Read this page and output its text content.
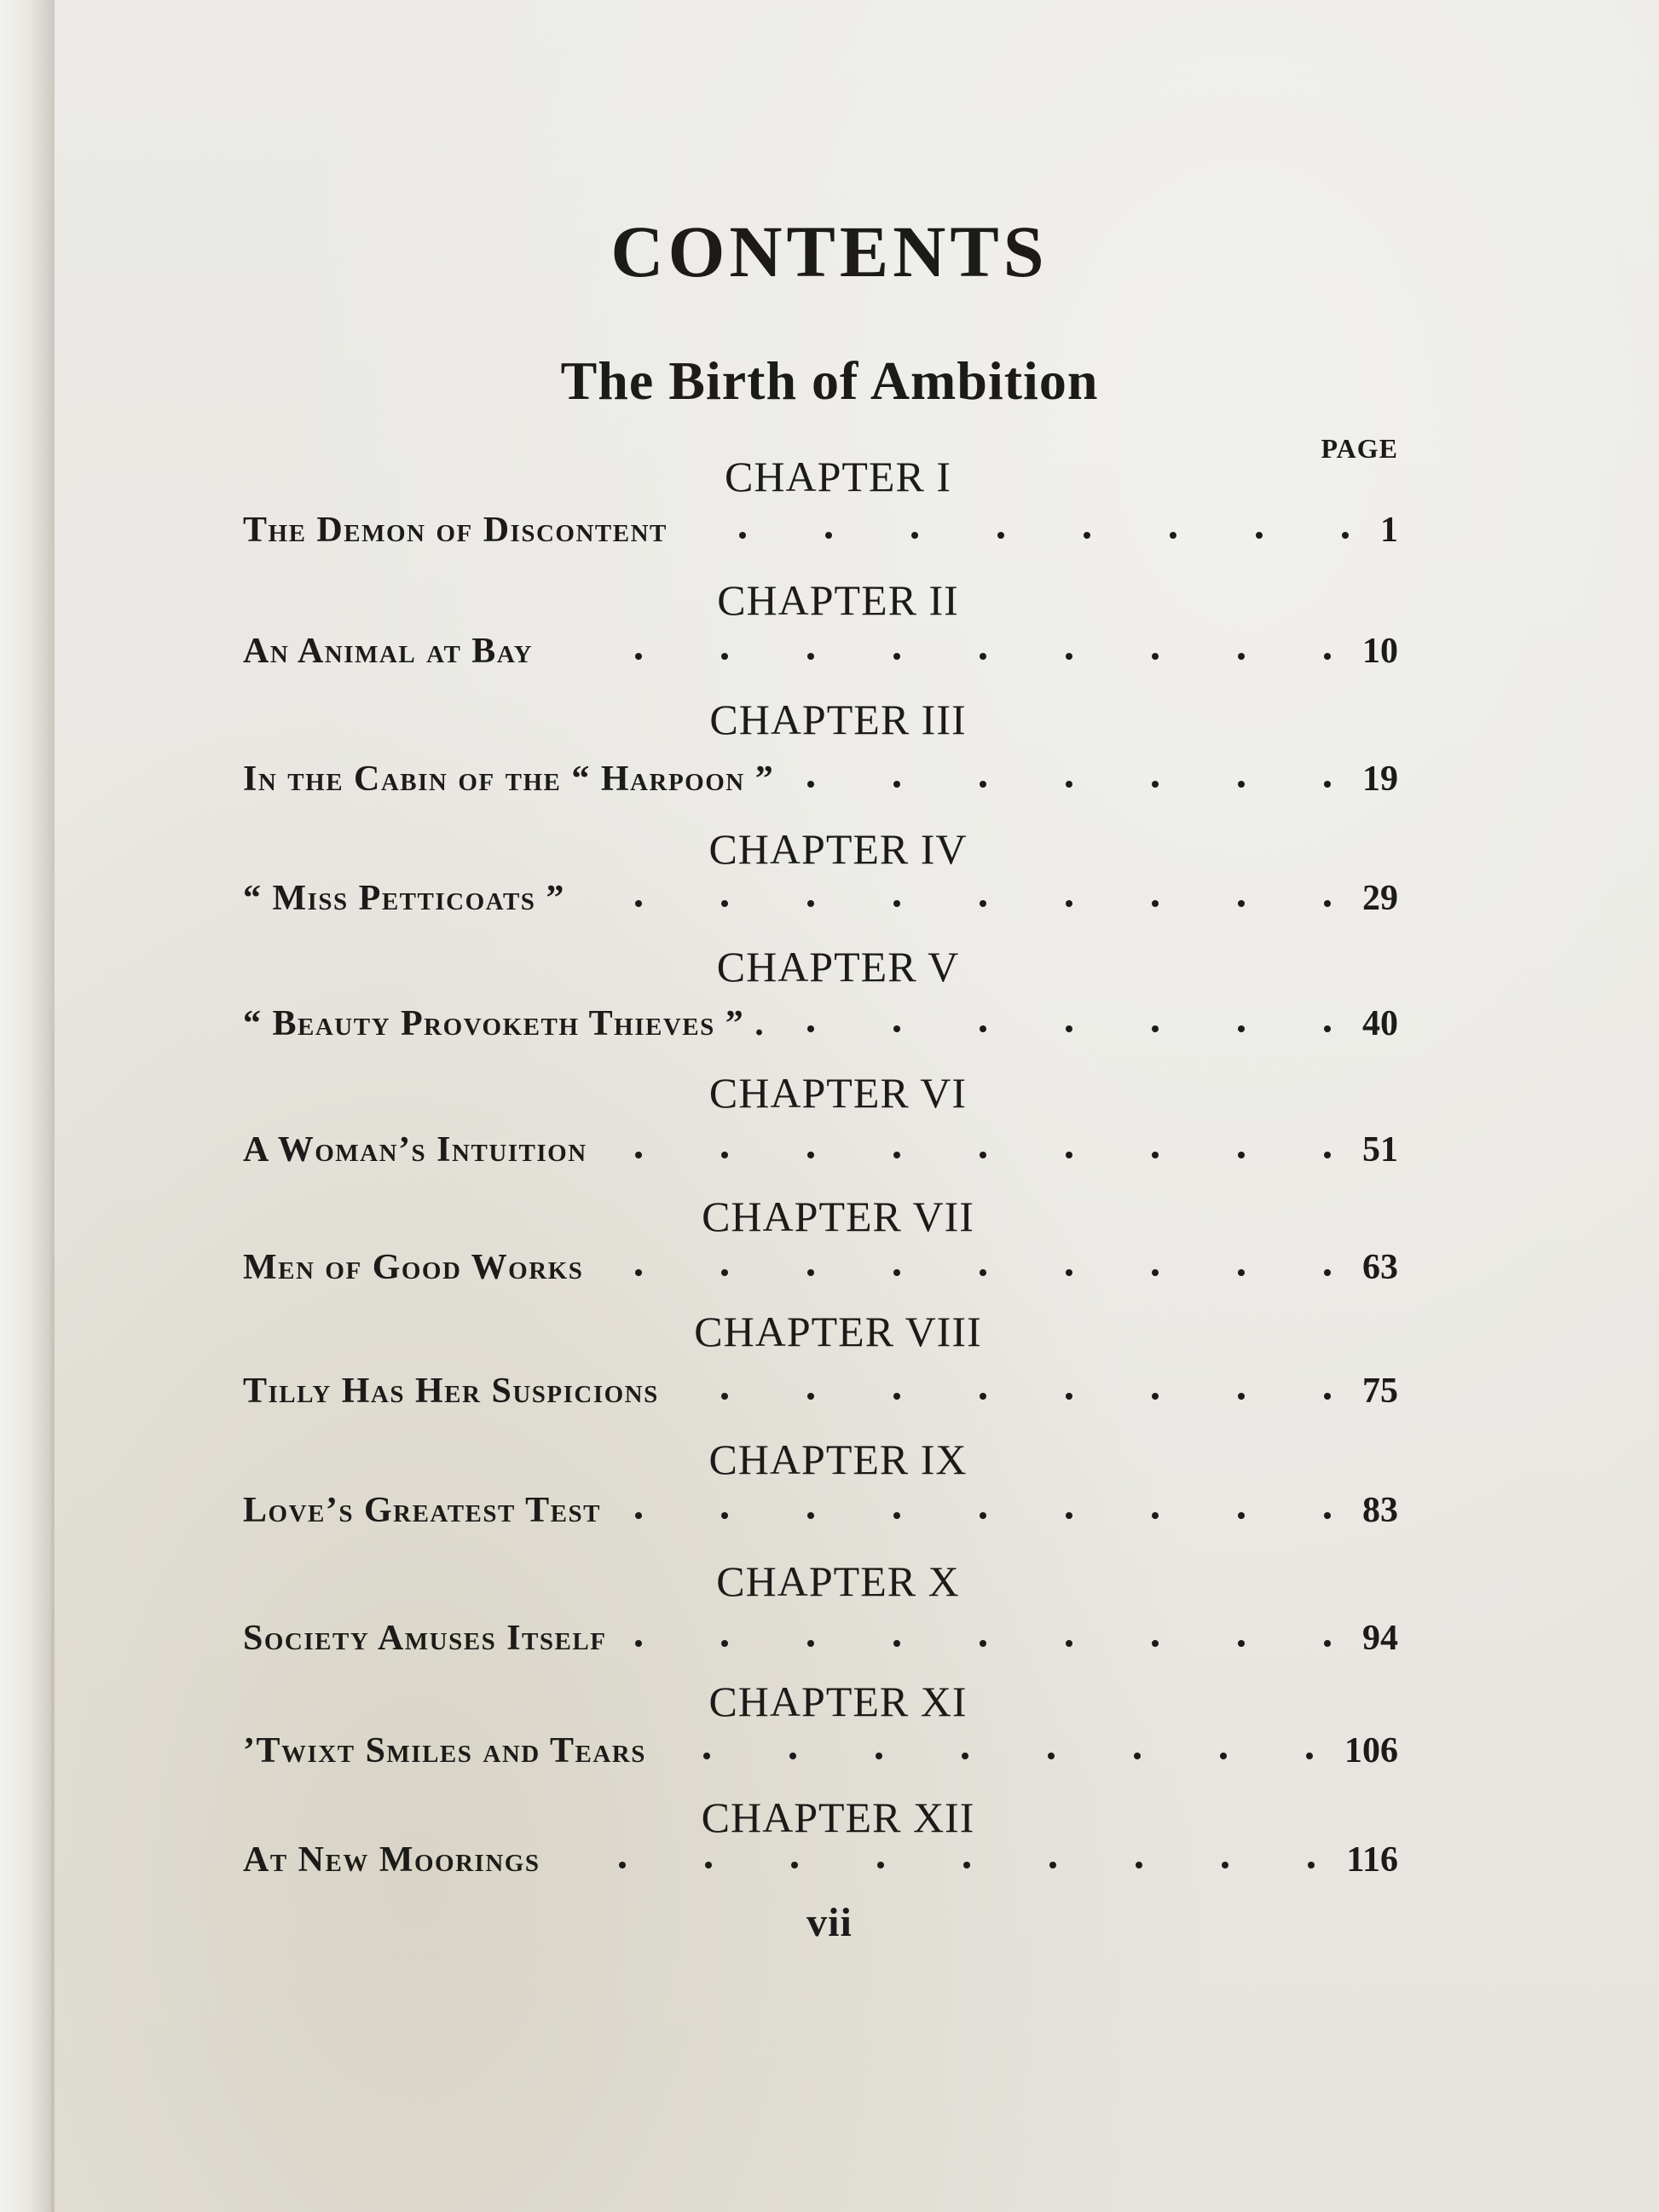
CONTENTS
The Birth of Ambition
PAGE
CHAPTER I
The Demon of Discontent	1
CHAPTER II
An Animal at Bay	10
CHAPTER III
In the Cabin of the “ Harpoon ”	19
CHAPTER IV
“ Miss Petticoats ”	29
CHAPTER V
“ Beauty Provoketh Thieves ” .	40
CHAPTER VI
A Woman’s Intuition	51
CHAPTER VII
Men of Good Works	63
CHAPTER VIII
Tilly Has Her Suspicions	75
CHAPTER IX
Love’s Greatest Test	83
CHAPTER X
Society Amuses Itself	94
CHAPTER XI
’Twixt Smiles and Tears	106
CHAPTER XII
At New Moorings	116
vii
